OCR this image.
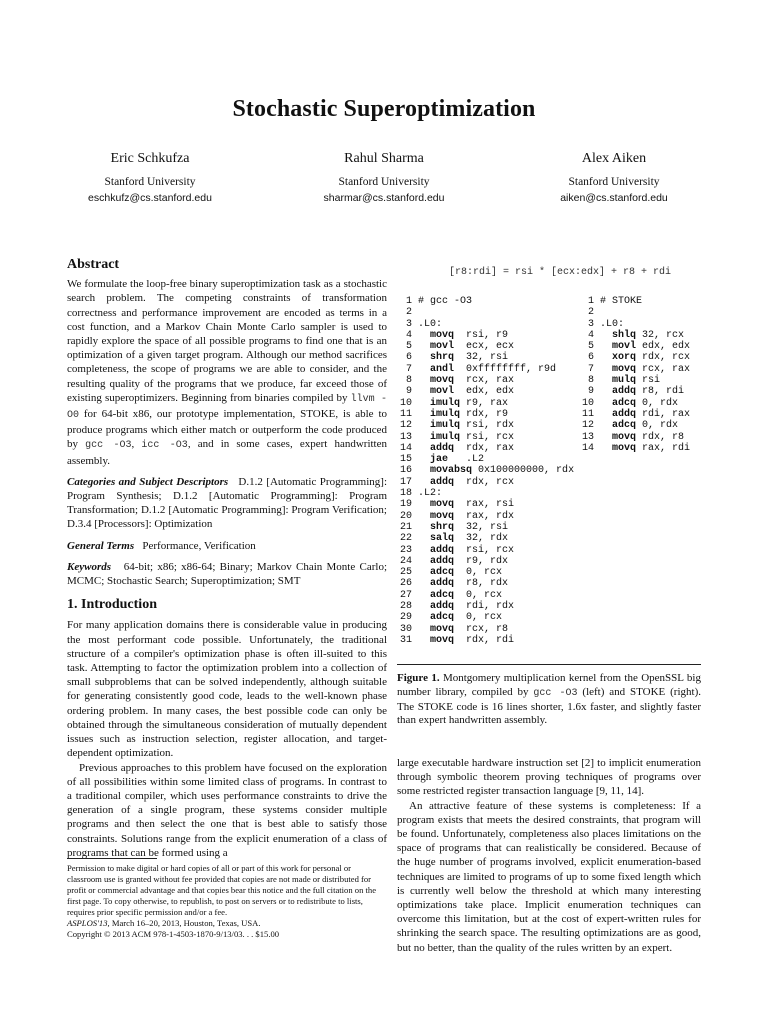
Stochastic Superoptimization
Eric Schkufza
Stanford University
eschkufz@cs.stanford.edu
Rahul Sharma
Stanford University
sharmar@cs.stanford.edu
Alex Aiken
Stanford University
aiken@cs.stanford.edu
Abstract

We formulate the loop-free binary superoptimization task as a stochastic search problem. The competing constraints of transformation correctness and performance improvement are encoded as terms in a cost function, and a Markov Chain Monte Carlo sampler is used to rapidly explore the space of all possible programs to find one that is an optimization of a given target program. Although our method sacrifices completeness, the scope of programs we are able to consider, and the resulting quality of the programs that we produce, far exceed those of existing superoptimizers. Beginning from binaries compiled by llvm -O0 for 64-bit x86, our prototype implementation, STOKE, is able to produce programs which either match or outperform the code produced by gcc -O3, icc -O3, and in some cases, expert handwritten assembly.

Categories and Subject Descriptors D.1.2 [Automatic Programming]: Program Synthesis; D.1.2 [Automatic Programming]: Program Transformation; D.1.2 [Automatic Programming]: Program Verification; D.3.4 [Processors]: Optimization

General Terms Performance, Verification

Keywords 64-bit; x86; x86-64; Binary; Markov Chain Monte Carlo; MCMC; Stochastic Search; Superoptimization; SMT

1. Introduction

For many application domains there is considerable value in producing the most performant code possible. Unfortunately, the traditional structure of a compiler's optimization phase is often ill-suited to this task. Attempting to factor the optimization problem into a collection of small subproblems that can be solved independently, although suitable for generating consistently good code, leads to the well-known phase ordering problem. In many cases, the best possible code can only be obtained through the simultaneous consideration of mutually dependent issues such as instruction selection, register allocation, and target-dependent optimization.

Previous approaches to this problem have focused on the exploration of all possibilities within some limited class of programs. In contrast to a traditional compiler, which uses performance constraints to drive the generation of a single program, these systems consider multiple programs and then select the one that is best able to satisfy those constraints. Solutions range from the explicit enumeration of a class of programs that can be formed using a

Permission to make digital or hard copies of all or part of this work for personal or classroom use is granted without fee provided that copies are not made or distributed for profit or commercial advantage and that copies bear this notice and the full citation on the first page. To copy otherwise, to republish, to post on servers or to redistribute to lists, requires prior specific permission and/or a fee.
ASPLOS'13, March 16–20, 2013, Houston, Texas, USA.
Copyright © 2013 ACM 978-1-4503-1870-9/13/03. . . $15.00
[r8:rdi] = rsi * [ecx:edx] + r8 + rdi
1 # gcc -O3
2
3 .L0:
4   movq  rsi, r9
5   movl  ecx, ecx
6   shrq  32, rsi
7   andl  0xffffffff, r9d
8   movq  rcx, rax
9   movl  edx, edx
10   imulq r9, rax
11   imulq rdx, r9
12   imulq rsi, rdx
13   imulq rsi, rcx
14   addq  rdx, rax
15   jae   .L2
16   movabsq 0x100000000, rdx
17   addq  rdx, rcx
18 .L2:
19   movq  rax, rsi
20   movq  rax, rdx
21   shrq  32, rsi
22   salq  32, rdx
23   addq  rsi, rcx
24   addq  r9, rdx
25   adcq  0, rcx
26   addq  r8, rdx
27   adcq  0, rcx
28   addq  rdi, rdx
29   adcq  0, rcx
30   movq  rcx, r8
31   movq  rdx, rdi
1 # STOKE
2
3 .L0:
4   shlq 32, rcx
5   movl edx, edx
6   xorq rdx, rcx
7   movq rcx, rax
8   mulq rsi
9   addq r8, rdi
10   adcq 0, rdx
11   addq rdi, rax
12   adcq 0, rdx
13   movq rdx, r8
14   movq rax, rdi
Figure 1. Montgomery multiplication kernel from the OpenSSL big number library, compiled by gcc -O3 (left) and STOKE (right). The STOKE code is 16 lines shorter, 1.6x faster, and slightly faster than expert handwritten assembly.

large executable hardware instruction set [2] to implicit enumeration through symbolic theorem proving techniques of programs over some restricted register transaction language [9, 11, 14].

An attractive feature of these systems is completeness: If a program exists that meets the desired constraints, that program will be found. Unfortunately, completeness also places limitations on the space of programs that can realistically be considered. Because of the huge number of programs involved, explicit enumeration-based techniques are limited to programs of up to some fixed length which is currently well below the threshold at which many interesting optimizations take place. Implicit enumeration techniques can overcome this limitation, but at the cost of expert-written rules for shrinking the search space. The resulting optimizations are as good, but no better, than the quality of the rules written by an expert.
